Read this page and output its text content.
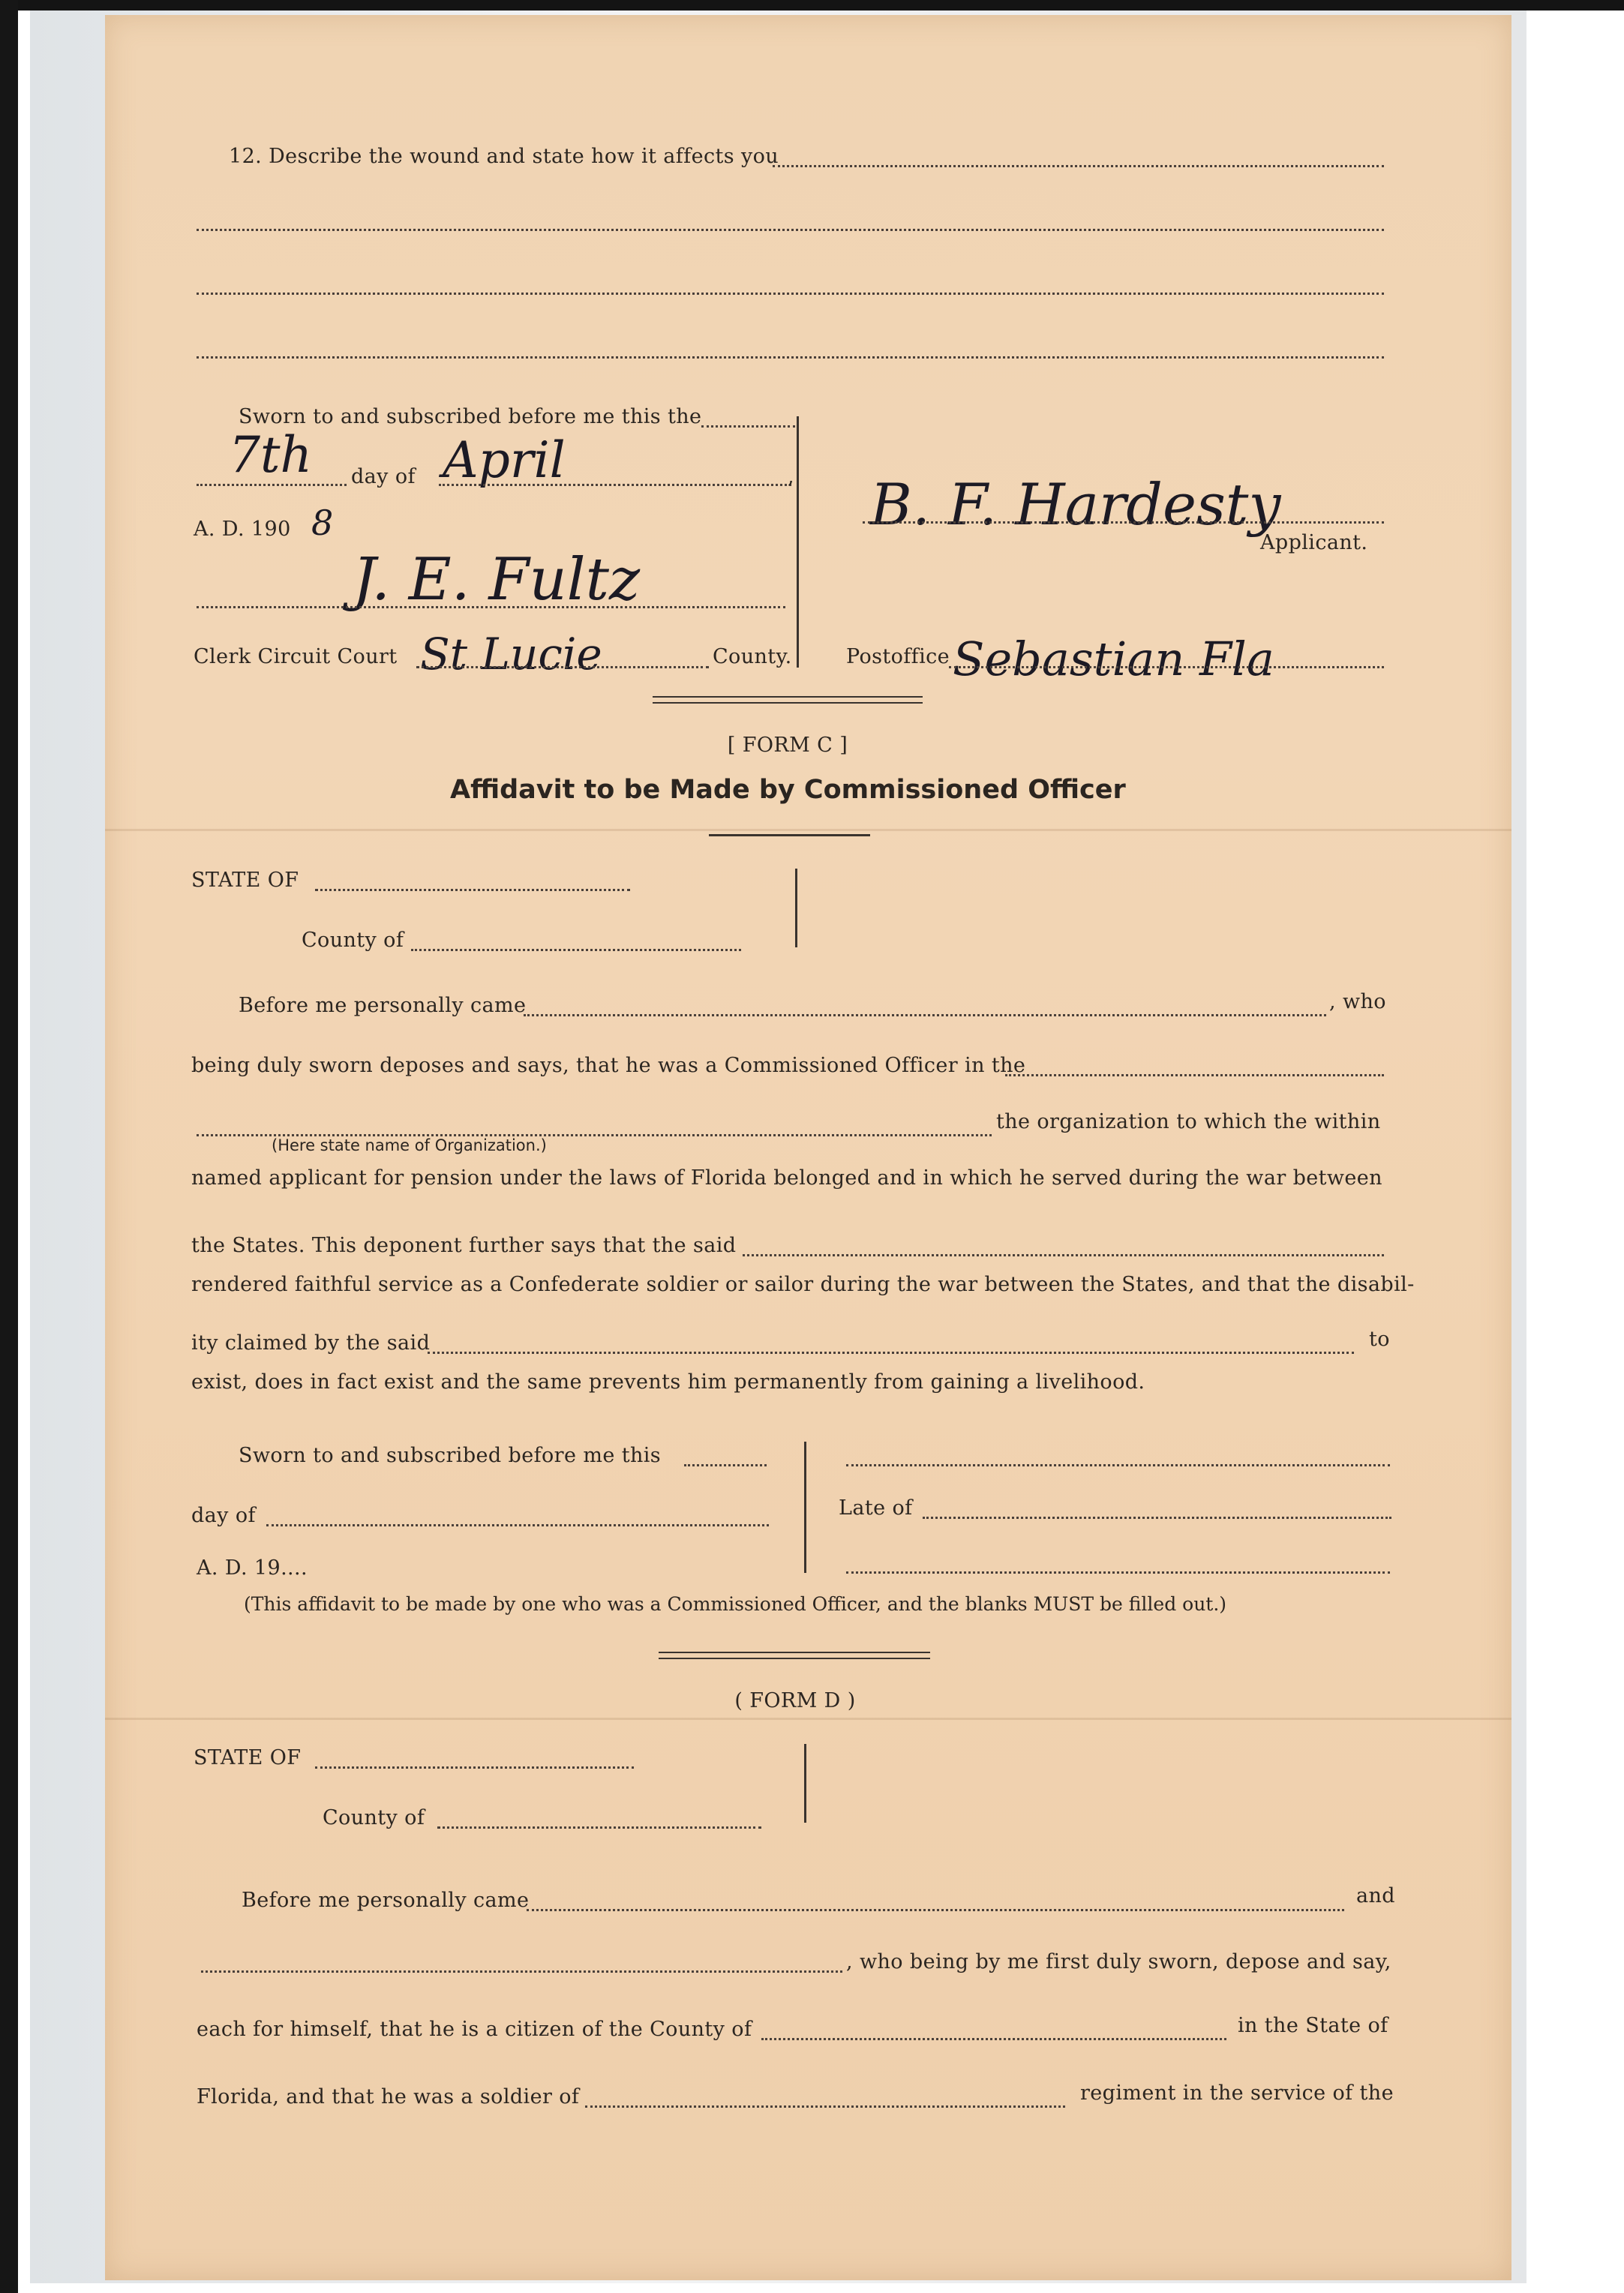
12. Describe the wound and state how it affects you
Sworn to and subscribed before me this the
7th day of April	,
A. D. 190 8
J. E. Fultz
Clerk Circuit Court St Lucie	County.
B. F. Hardesty
Applicant.
Postoffice Sebastian Fla
[ FORM C ]
Affidavit to be Made by Commissioned Officer
STATE OF
County of
Before me personally came	, who
being duly sworn deposes and says, that he was a Commissioned Officer in the
the organization to which the within
(Here state name of Organization.)
named applicant for pension under the laws of Florida belonged and in which he served during the war between
the States. This deponent further says that the said
rendered faithful service as a Confederate soldier or sailor during the war between the States, and that the disabil-
ity claimed by the said	to
exist, does in fact exist and the same prevents him permanently from gaining a livelihood.
Sworn to and subscribed before me this
day of
A. D. 19....
Late of
(This affidavit to be made by one who was a Commissioned Officer, and the blanks MUST be filled out.)
( FORM D )
STATE OF
County of
Before me personally came	and
, who being by me first duly sworn, depose and say,
each for himself, that he is a citizen of the County of	in the State of
Florida, and that he was a soldier of	regiment in the service of the
